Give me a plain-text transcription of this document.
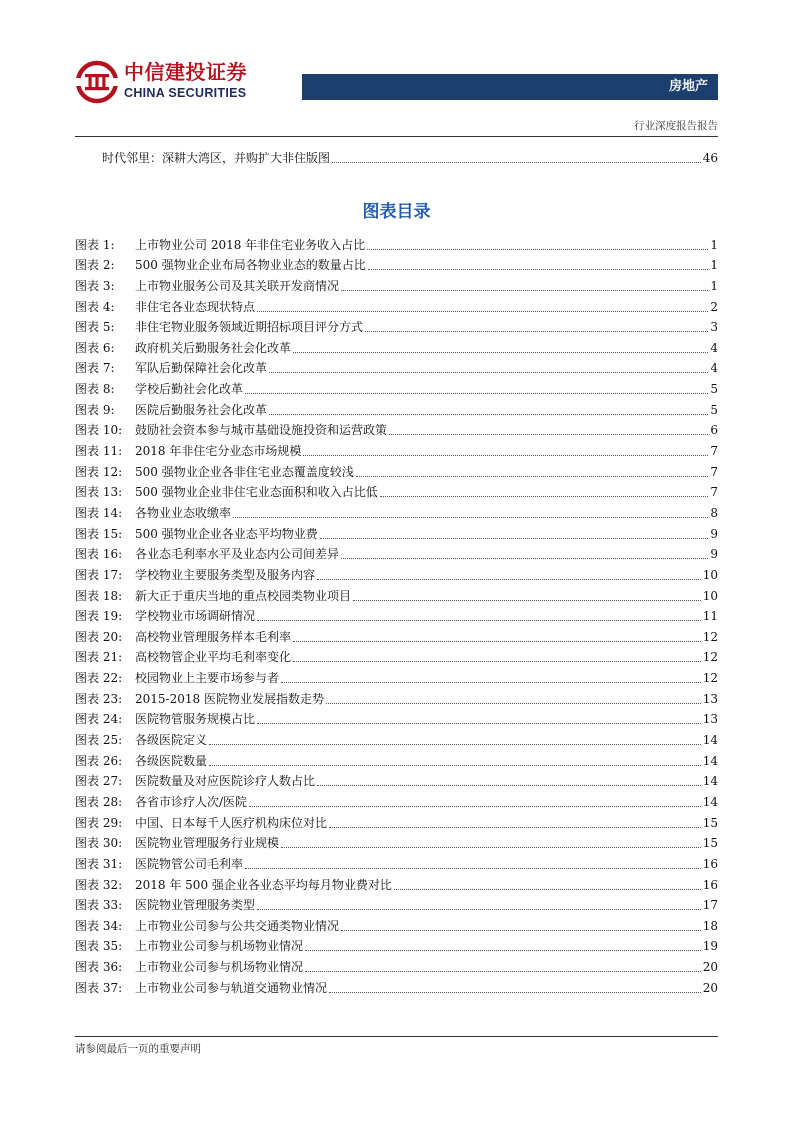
中信建投证券
CHINA SECURITIES	房地产
行业深度报告报告
时代邻里：深耕大湾区，并购扩大非住版图	46
图表目录
图表 1:	上市物业公司 2018 年非住宅业务收入占比	1
图表 2:	500 强物业企业布局各物业业态的数量占比	1
图表 3:	上市物业服务公司及其关联开发商情况	1
图表 4:	非住宅各业态现状特点	2
图表 5:	非住宅物业服务领域近期招标项目评分方式	3
图表 6:	政府机关后勤服务社会化改革	4
图表 7:	军队后勤保障社会化改革	4
图表 8:	学校后勤社会化改革	5
图表 9:	医院后勤服务社会化改革	5
图表 10:	鼓励社会资本参与城市基础设施投资和运营政策	6
图表 11:	2018 年非住宅分业态市场规模	7
图表 12:	500 强物业企业各非住宅业态覆盖度较浅	7
图表 13:	500 强物业企业非住宅业态面积和收入占比低	7
图表 14:	各物业业态收缴率	8
图表 15:	500 强物业企业各业态平均物业费	9
图表 16:	各业态毛利率水平及业态内公司间差异	9
图表 17:	学校物业主要服务类型及服务内容	10
图表 18:	新大正于重庆当地的重点校园类物业项目	10
图表 19:	学校物业市场调研情况	11
图表 20:	高校物业管理服务样本毛利率	12
图表 21:	高校物管企业平均毛利率变化	12
图表 22:	校园物业上主要市场参与者	12
图表 23:	2015-2018 医院物业发展指数走势	13
图表 24:	医院物管服务规模占比	13
图表 25:	各级医院定义	14
图表 26:	各级医院数量	14
图表 27:	医院数量及对应医院诊疗人数占比	14
图表 28:	各省市诊疗人次/医院	14
图表 29:	中国、日本每千人医疗机构床位对比	15
图表 30:	医院物业管理服务行业规模	15
图表 31:	医院物管公司毛利率	16
图表 32:	2018 年 500 强企业各业态平均每月物业费对比	16
图表 33:	医院物业管理服务类型	17
图表 34:	上市物业公司参与公共交通类物业情况	18
图表 35:	上市物业公司参与机场物业情况	19
图表 36:	上市物业公司参与机场物业情况	20
图表 37:	上市物业公司参与轨道交通物业情况	20
请参阅最后一页的重要声明
